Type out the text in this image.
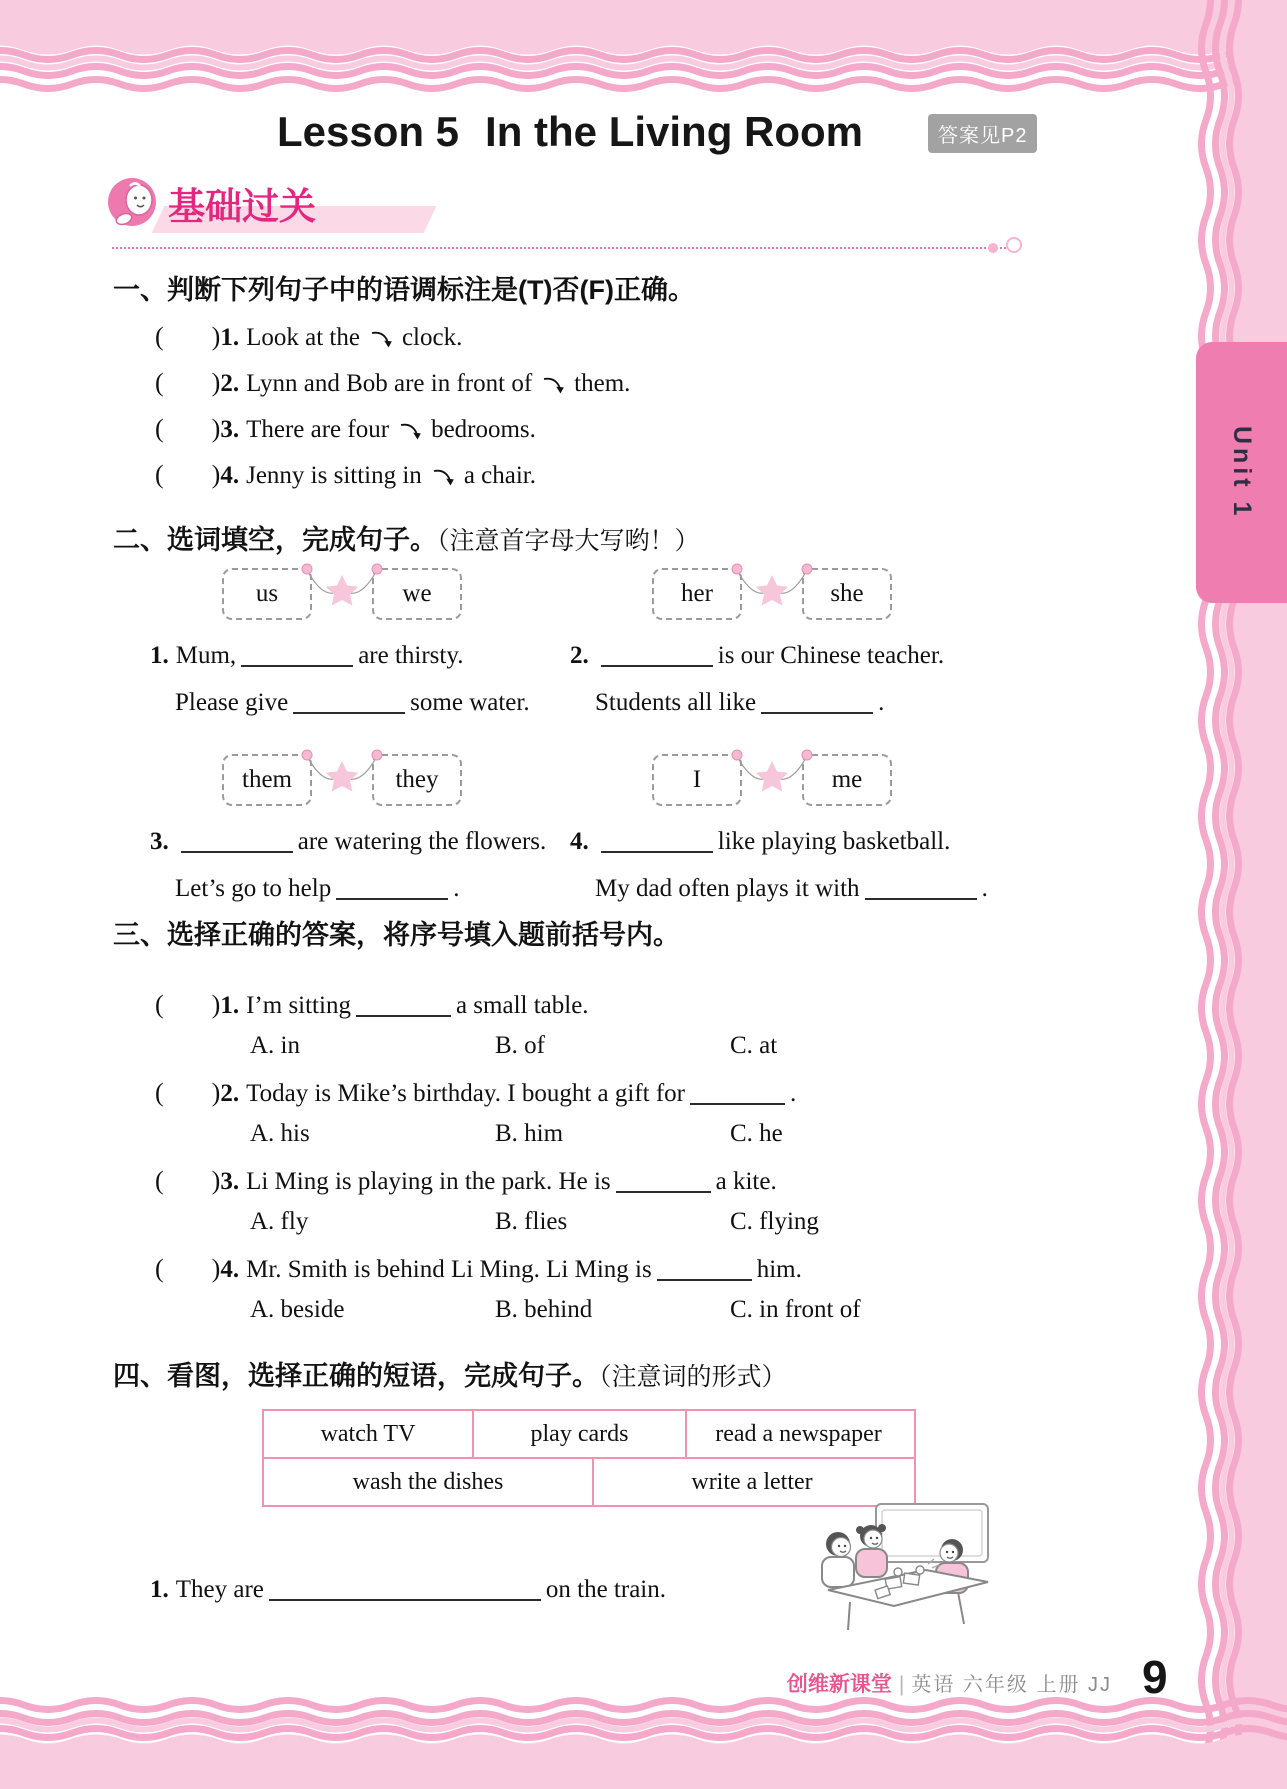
Unit 1
Lesson 5 In the Living Room	答案见P2
基础过关
一、判断下列句子中的语调标注是(T)否(F)正确。
( )1. Look at the clock.
( )2. Lynn and Bob are in front of them.
( )3. There are four bedrooms.
( )4. Jenny is sitting in a chair.
二、选词填空，完成句子。（注意首字母大写哟！）
us	we	her	she
1. Mum,	are thirsty.
Please give	some water.
2.	is our Chinese teacher.
Students all like	.
them	they	I	me
3.	are watering the flowers.
Let’s go to help	.
4.	like playing basketball.
My dad often plays it with	.
三、选择正确的答案，将序号填入题前括号内。
( )1. I’m sitting	a small table.
A. in	B. of	C. at
( )2. Today is Mike’s birthday. I bought a gift for	.
A. his	B. him	C. he
( )3. Li Ming is playing in the park. He is	a kite.
A. fly	B. flies	C. flying
( )4. Mr. Smith is behind Li Ming. Li Ming is	him.
A. beside	B. behind	C. in front of
四、看图，选择正确的短语，完成句子。（注意词的形式）
watch TV	play cards	read a newspaper
wash the dishes	write a letter
1. They are	on the train.
创维新课堂 | 英语 六年级 上册 JJ 9
